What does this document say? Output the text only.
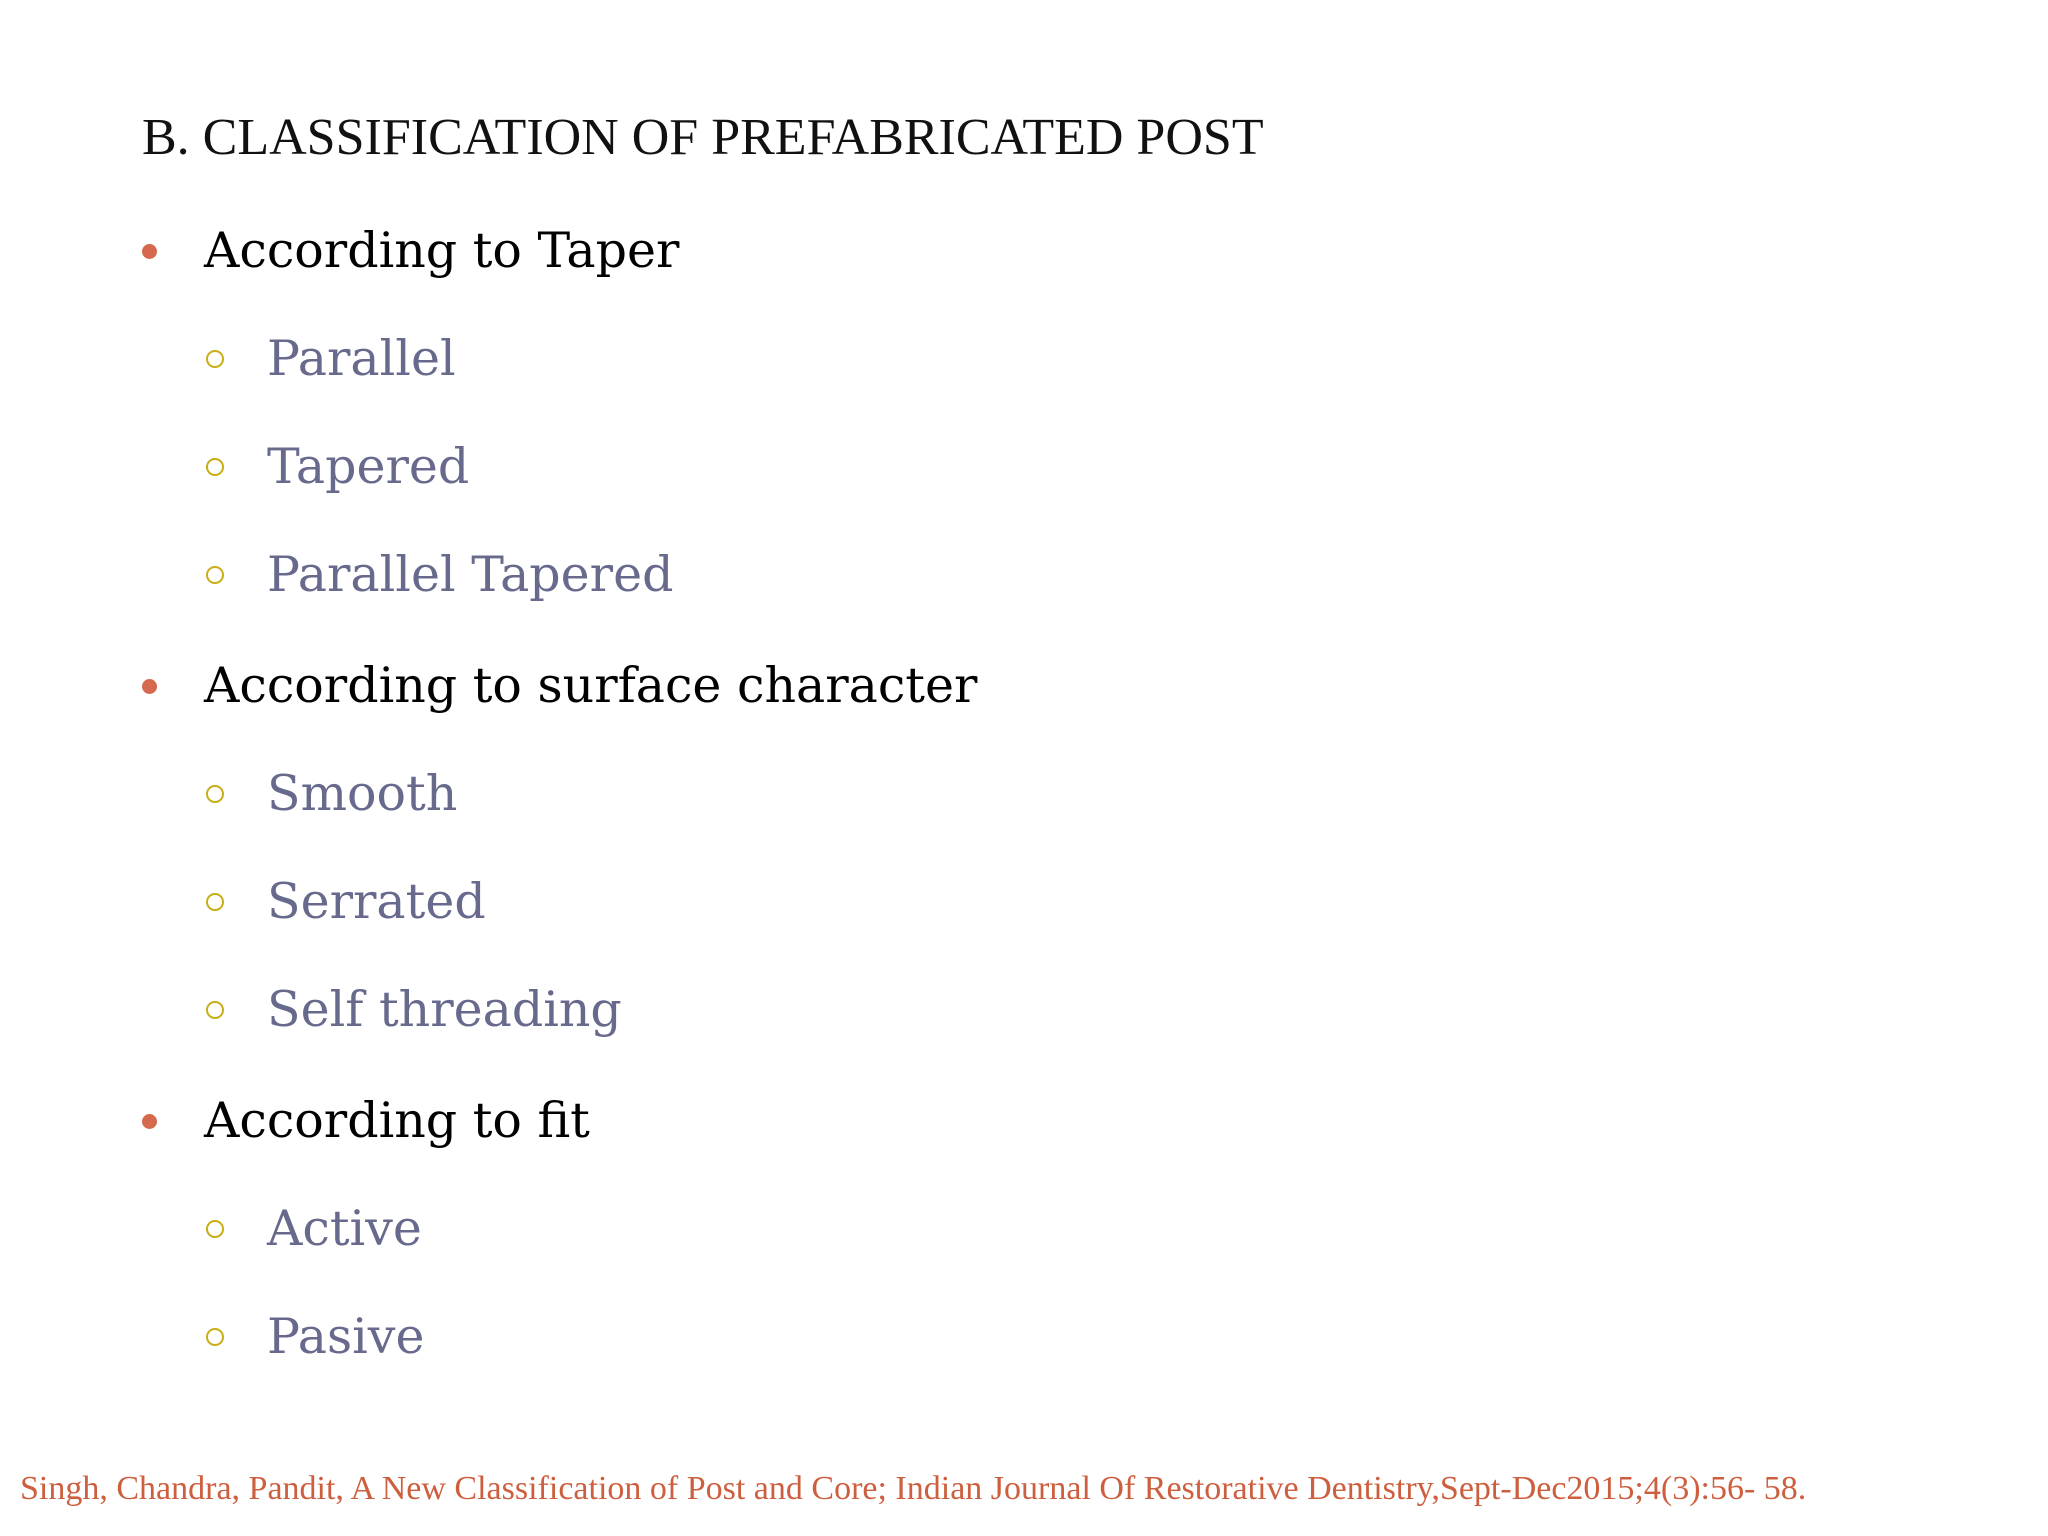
B. CLASSIFICATION OF PREFABRICATED POST
According to Taper
Parallel
Tapered
Parallel Tapered
According to surface character
Smooth
Serrated
Self threading
According to fit
Active
Pasive
Singh, Chandra, Pandit, A New Classification of Post and Core; Indian Journal Of Restorative Dentistry,Sept-Dec2015;4(3):56- 58.
